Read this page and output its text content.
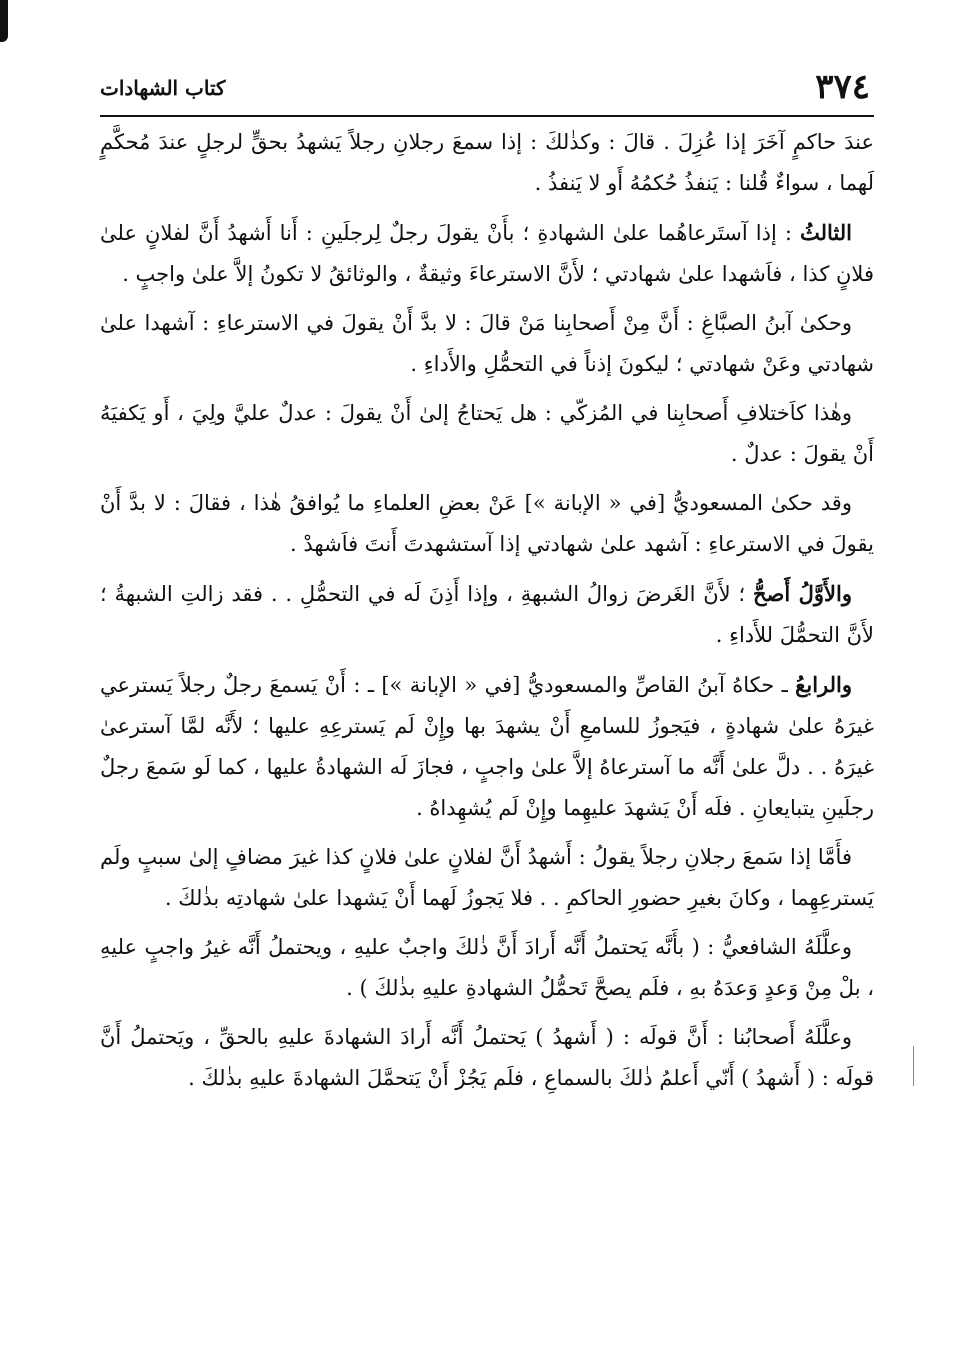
٣٧٤
كتاب الشهادات

عندَ حاكمٍ آخَرَ إذا عُزِلَ . قالَ : وكذٰلكَ : إذا سمعَ رجلانِ رجلاً يَشهدُ بحقٍّ لرجلٍ عندَ مُحكَّمٍ لَهما ، سواءٌ قُلنا : يَنفذُ حُكمُهُ أَو لا يَنفذُ .

الثالثُ : إذا آستَرعاهُما علىٰ الشهادةِ ؛ بأَنْ يقولَ رجلٌ لِرجلَينِ : أَنا أَشهدُ أَنَّ لفلانٍ علىٰ فلانٍ كذا ، فاَشهدا علىٰ شهادتي ؛ لأَنَّ الاسترعاءَ وثيقةٌ ، والوثائقُ لا تكونُ إلاَّ علىٰ واجبٍ .

وحكىٰ آبنُ الصبَّاغِ : أَنَّ مِنْ أَصحابِنا مَنْ قالَ : لا بدَّ أَنْ يقولَ في الاسترعاءِ : آشهدا علىٰ شهادتي وعَنْ شهادتي ؛ ليكونَ إذناً في التحمُّلِ والأَداءِ .

وهٰذا كاَختلافِ أَصحابِنا في المُزكّي : هل يَحتاجُ إلىٰ أَنْ يقولَ : عدلٌ عليَّ ولِيَ ، أَو يَكفيَهُ أَنْ يقولَ : عدلٌ .

وقد حكىٰ المسعوديُّ [في « الإبانة »] عَنْ بعضِ العلماءِ ما يُوافقُ هٰذا ، فقالَ : لا بدَّ أَنْ يقولَ في الاسترعاءِ : آشهد علىٰ شهادتي إذا آستشهدتَ أَنتَ فاَشهدْ .

والأَوَّلُ أَصحُّ ؛ لأَنَّ الغَرضَ زوالُ الشبهةِ ، وإذا أَذِنَ لَه في التحمُّلِ . . فقد زالتِ الشبهةُ ؛ لأَنَّ التحمُّلَ للأَداءِ .

والرابعُ ـ حكاهُ آبنُ القاصِّ والمسعوديُّ [في « الإبانة »] ـ : أَنْ يَسمعَ رجلٌ رجلاً يَسترعي غيرَهُ علىٰ شهادةٍ ، فيَجوزُ للسامعِ أَنْ يشهدَ بها وإِنْ لَم يَسترعِهِ عليها ؛ لأَنَّه لمَّا آسترعىٰ غيرَهُ . . دلَّ علىٰ أَنَّه ما آسترعاهُ إلاَّ علىٰ واجبٍ ، فجازَ لَه الشهادةُ عليها ، كما لَو سَمعَ رجلٌ رجلَينِ يتبايعانِ . فلَه أَنْ يَشهدَ عليهِما وإِنْ لَم يُشهِداهُ .

فأَمَّا إذا سَمعَ رجلانِ رجلاً يقولُ : أَشهدُ أَنَّ لفلانٍ علىٰ فلانٍ كذا غيرَ مضافٍ إلىٰ سببٍ ولَم يَسترعِهِما ، وكانَ بغيرِ حضورِ الحاكمِ . . فلا يَجوزُ لَهما أَنْ يَشهدا علىٰ شهادتِه بذٰلكَ .

وعلَّلَهُ الشافعيُّ : ( بأَنَّه يَحتملُ أَنَّه أَرادَ أَنَّ ذٰلكَ واجبٌ عليهِ ، ويحتملُ أَنَّه غيرُ واجبٍ عليهِ ، بلْ مِنْ وَعدٍ وَعدَهُ بهِ ، فلَم يصحَّ تَحمُّلُ الشهادةِ عليهِ بذٰلكَ ) .

وعلَّلَهُ أَصحابُنا : أَنَّ قولَه : ( أَشهدُ ) يَحتملُ أَنَّه أَرادَ الشهادةَ عليهِ بالحقِّ ، ويَحتملُ أَنَّ قولَه : ( أَشهدُ ) أَنّي أَعلمُ ذٰلكَ بالسماعِ ، فلَم يَجُزْ أَنْ يَتحمَّلَ الشهادةَ عليهِ بذٰلكَ .
